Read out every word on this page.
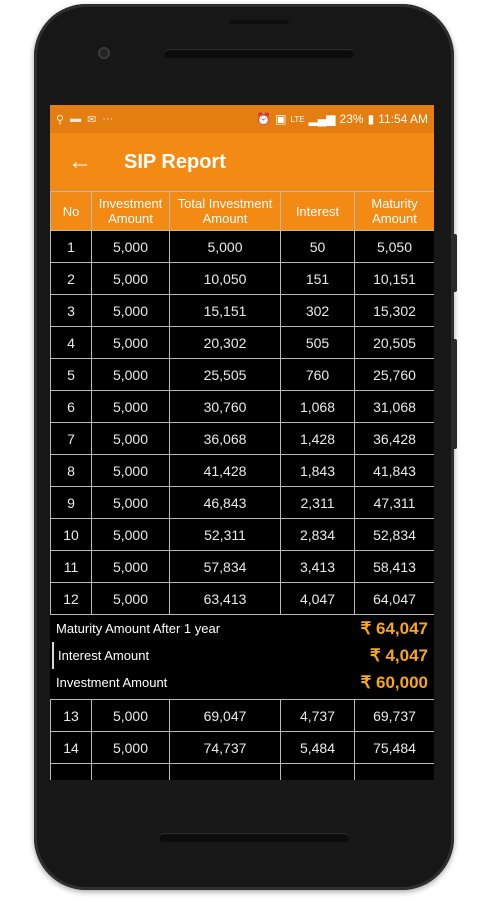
⚲ ▬ ✉ ···	⏰ ▣ LTE ▂▄▆ 23% ▮ 11:54 AM
← SIP Report
No	Investment Amount	Total Investment Amount	Interest	Maturity Amount
1	5,000	5,000	50	5,050
2	5,000	10,050	151	10,151
3	5,000	15,151	302	15,302
4	5,000	20,302	505	20,505
5	5,000	25,505	760	25,760
6	5,000	30,760	1,068	31,068
7	5,000	36,068	1,428	36,428
8	5,000	41,428	1,843	41,843
9	5,000	46,843	2,311	47,311
10	5,000	52,311	2,834	52,834
11	5,000	57,834	3,413	58,413
12	5,000	63,413	4,047	64,047
Maturity Amount After 1 year	₹ 64,047
Interest Amount	₹ 4,047
Investment Amount	₹ 60,000
13	5,000	69,047	4,737	69,737
14	5,000	74,737	5,484	75,484
